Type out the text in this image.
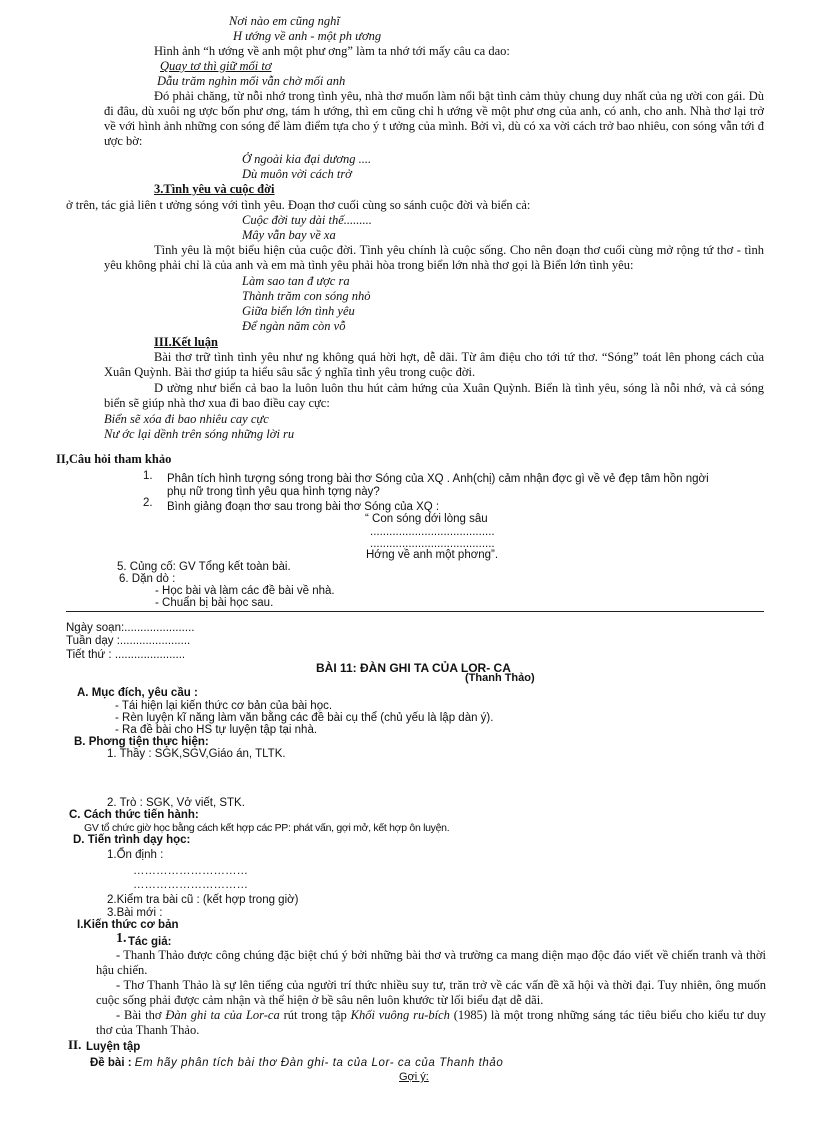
Nơi nào em cũng nghĩ
H ướng về anh - một ph ương
Hình ảnh “h ướng về anh một phư ơng” làm ta nhớ tới mấy câu ca dao:
Quay tơ thì giữ mối tơ
Dẫu trăm nghìn mối vẫn chờ mối anh
Đó phải chăng, từ nỗi nhớ trong tình yêu, nhà thơ muốn làm nổi bật tình cảm thủy chung duy nhất của ng ười con gái. Dù đi đâu, dù xuôi ng ược bốn phư ơng, tám h ướng, thì em cũng chỉ h ướng về một phư ơng của anh, có anh, cho anh. Nhà thơ lại trở về với hình ảnh những con sóng để làm điểm tựa cho ý t ưởng của mình. Bởi vì, dù có xa vời cách trở bao nhiêu, con sóng vẫn tới đ ược bờ:
Ở ngoài kia đại dương ....
Dù muôn vời cách trở
3.Tình yêu và cuộc đời
ở trên, tác giả liên t ưởng sóng với tình yêu. Đoạn thơ cuối cùng so sánh cuộc đời và biển cả:
Cuộc đời tuy dài thế.........
Mây vẫn bay về xa
Tình yêu là một biểu hiện của cuộc đời. Tình yêu chính là cuộc sống. Cho nên đoạn thơ cuối cùng mở rộng tứ thơ - tình yêu không phải chỉ là của anh và em mà tình yêu phải hòa trong biển lớn nhà thơ gọi là Biển lớn tình yêu:
Làm sao tan đ ược ra
Thành trăm con sóng nhỏ
Giữa biển lớn tình yêu
Để ngàn năm còn vỗ
III.Kết luận
Bài thơ trữ tình tình yêu như ng không quá hời hợt, dễ dãi. Từ âm điệu cho tới tứ thơ. “Sóng” toát lên phong cách của Xuân Quỳnh. Bài thơ giúp ta hiểu sâu sắc ý nghĩa tình yêu trong cuộc đời.
D ường như biển cả bao la luôn luôn thu hút cảm hứng của Xuân Quỳnh. Biển là tình yêu, sóng là nỗi nhớ, và cả sóng biển sẽ giúp nhà thơ xua đi bao điều cay cực:
Biển sẽ xóa đi bao nhiêu cay cực
Nư ớc lại dềnh trên sóng những lời ru
II,Câu hỏi tham khảo
1. Phân tích hình tượng sóng trong bài thơ Sóng của XQ . Anh(chị) cảm nhận đợc gì về vẻ đẹp tâm hồn ngời
phụ nữ trong tình yêu qua hình tợng này?
2. Bình giảng đoạn thơ sau trong bài thơ Sóng của XQ :
“ Con sóng dới lòng sâu
.......................................
.......................................
Hớng về anh một phơng”.
5. Củng cố: GV Tổng kết toàn bài.
6. Dặn dò :
- Học bài và làm các đề bài về nhà.
- Chuẩn bị bài học sau.
Ngày soạn:......................
Tuần dạy :......................
Tiết thứ : ......................
BÀI 11: ĐÀN GHI TA CỦA LOR- CA
(Thanh Thảo)
A. Mục đích, yêu cầu :
- Tái hiện lại kiến thức cơ bản của bài học.
- Rèn luyện kĩ năng làm văn bằng các đề bài cụ thể (chủ yếu là lập dàn ý).
- Ra đề bài cho HS tự luyện tập tại nhà.
B. Phơng tiện thực hiện:
1. Thầy : SGK,SGV,Giáo án, TLTK.
2. Trò : SGK, Vở viết, STK.
C. Cách thức tiến hành:
GV tổ chức giờ học bằng cách kết hợp các PP: phát vấn, gợi mở, kết hợp ôn luyện.
D. Tiến trình dạy học:
1.Ổn định :
…………………………
…………………………
2.Kiểm tra bài cũ : (kết hợp trong giờ)
3.Bài mới :
I.Kiến thức cơ bản
1. Tác giả:
- Thanh Thảo được công chúng đặc biệt chú ý bởi những bài thơ và trường ca mang diện mạo độc đáo viết về chiến tranh và thời hậu chiến.
- Thơ Thanh Thảo là sự lên tiếng của người trí thức nhiều suy tư, trăn trở về các vấn đề xã hội và thời đại. Tuy nhiên, ông muốn cuộc sống phải được cảm nhận và thể hiện ở bề sâu nên luôn khước từ lối biểu đạt dễ dãi.
- Bài thơ Đàn ghi ta của Lor-ca rút trong tập Khối vuông ru-bích (1985) là một trong những sáng tác tiêu biểu cho kiểu tư duy thơ của Thanh Thảo.
II. Luyện tập
Đề bài : Em hãy phân tích bài thơ Đàn ghi- ta của Lor- ca của Thanh thảo
Gợi ý:
